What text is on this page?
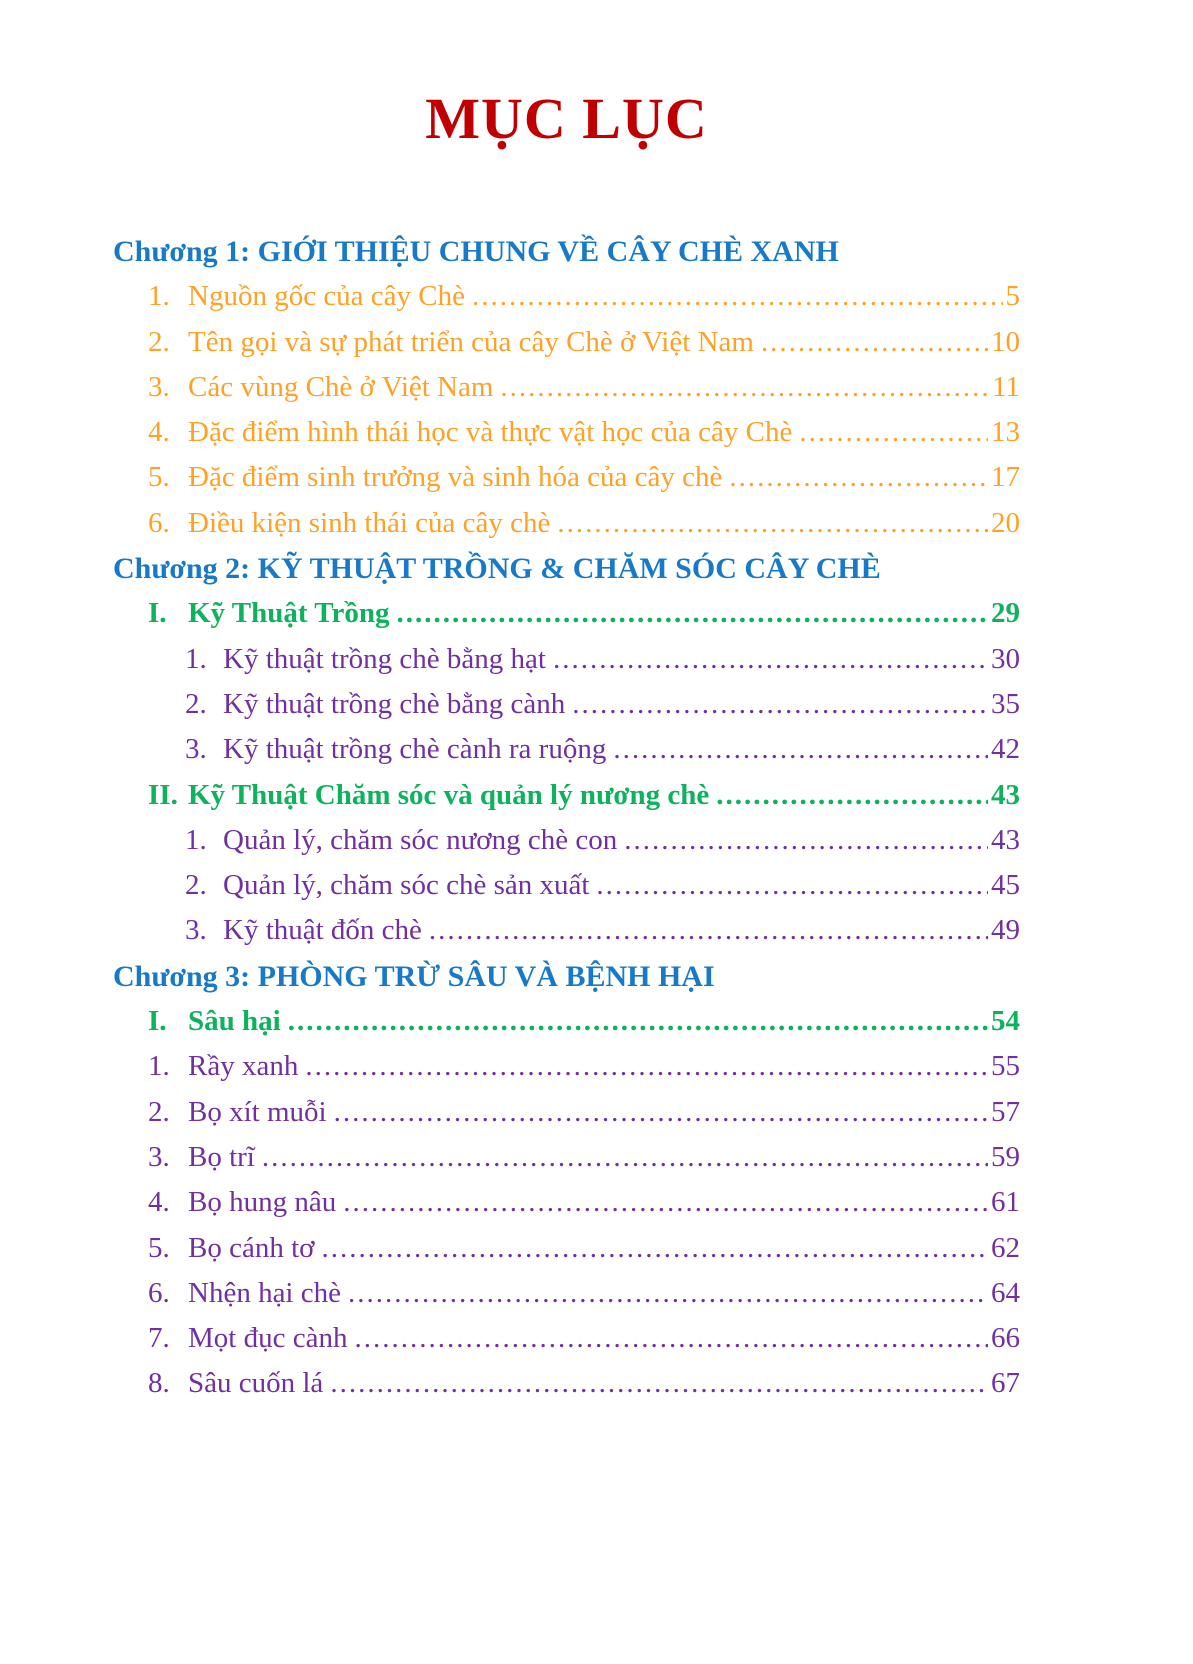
MỤC LỤC
Chương 1: GIỚI THIỆU CHUNG VỀ CÂY CHÈ XANH
1. Nguồn gốc của cây Chè .....	5
2. Tên gọi và sự phát triển của cây Chè ở Việt Nam .....	10
3. Các vùng Chè ở Việt Nam .....	11
4. Đặc điểm hình thái học và thực vật học của cây Chè .....	13
5. Đặc điểm sinh trưởng và sinh hóa của cây chè .....	17
6. Điều kiện sinh thái của cây chè .....	20
Chương 2: KỸ THUẬT TRỒNG & CHĂM SÓC CÂY CHÈ
I. Kỹ Thuật Trồng .....	29
1. Kỹ thuật trồng chè bằng hạt .....	30
2. Kỹ thuật trồng chè bằng cành .....	35
3. Kỹ thuật trồng chè cành ra ruộng .....	42
II. Kỹ Thuật Chăm sóc và quản lý nương chè .....	43
1. Quản lý, chăm sóc nương chè con .....	43
2. Quản lý, chăm sóc chè sản xuất .....	45
3. Kỹ thuật đốn chè .....	49
Chương 3: PHÒNG TRỪ SÂU VÀ BỆNH HẠI
I. Sâu hại .....	54
1. Rầy xanh .....	55
2. Bọ xít muỗi .....	57
3. Bọ trĩ .....	59
4. Bọ hung nâu .....	61
5. Bọ cánh tơ .....	62
6. Nhện hại chè .....	64
7. Mọt đục cành .....	66
8. Sâu cuốn lá .....	67
